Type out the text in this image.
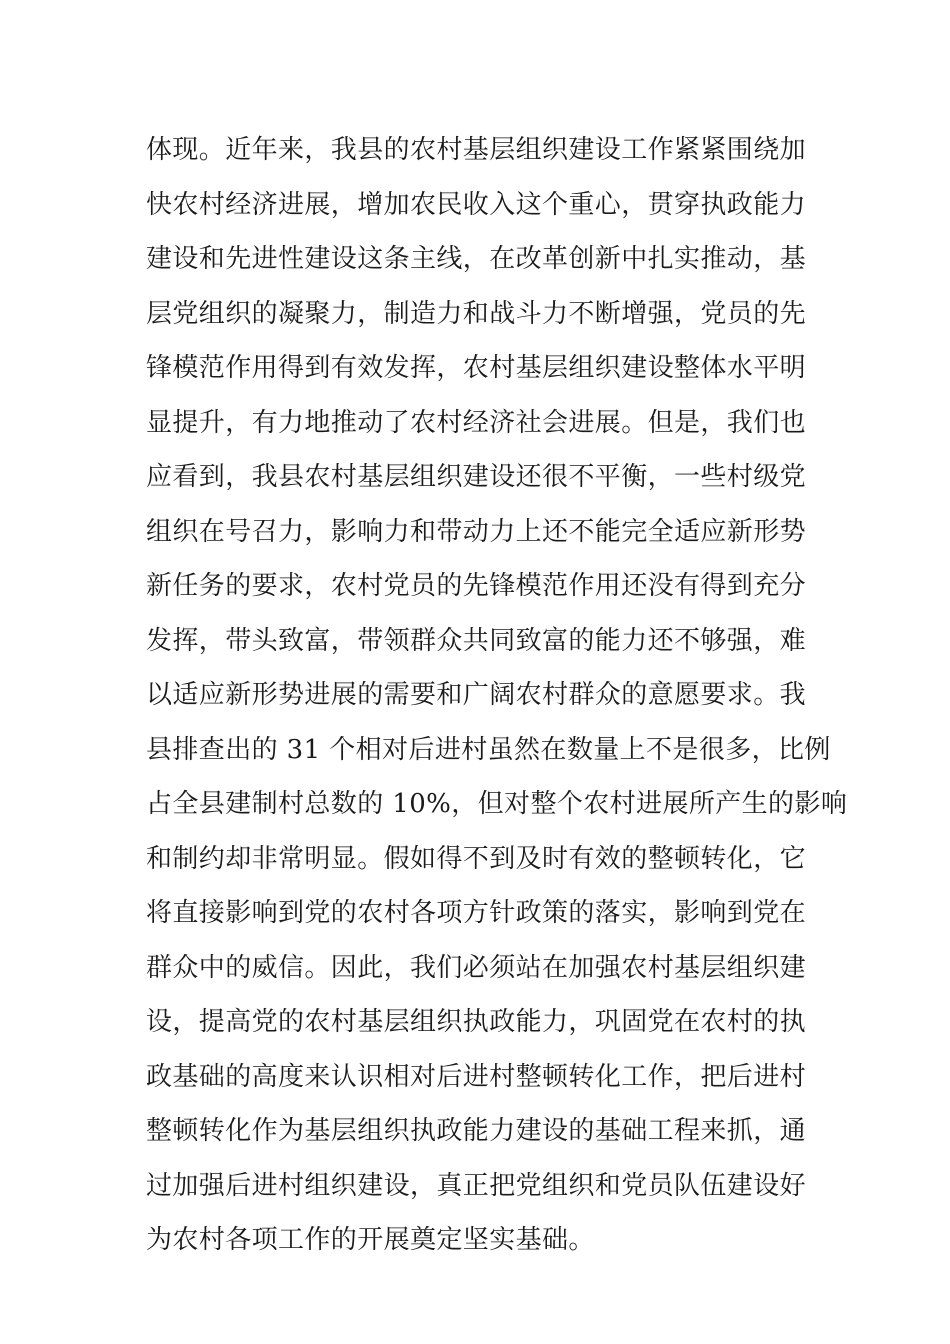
体现。近年来，我县的农村基层组织建设工作紧紧围绕加
快农村经济进展，增加农民收入这个重心，贯穿执政能力
建设和先进性建设这条主线，在改革创新中扎实推动，基
层党组织的凝聚力，制造力和战斗力不断增强，党员的先
锋模范作用得到有效发挥，农村基层组织建设整体水平明
显提升，有力地推动了农村经济社会进展。但是，我们也
应看到，我县农村基层组织建设还很不平衡，一些村级党
组织在号召力，影响力和带动力上还不能完全适应新形势
新任务的要求，农村党员的先锋模范作用还没有得到充分
发挥，带头致富，带领群众共同致富的能力还不够强，难
以适应新形势进展的需要和广阔农村群众的意愿要求。我
县排查出的 31 个相对后进村虽然在数量上不是很多，比例
占全县建制村总数的 10%，但对整个农村进展所产生的影响
和制约却非常明显。假如得不到及时有效的整顿转化，它
将直接影响到党的农村各项方针政策的落实，影响到党在
群众中的威信。因此，我们必须站在加强农村基层组织建
设，提高党的农村基层组织执政能力，巩固党在农村的执
政基础的高度来认识相对后进村整顿转化工作，把后进村
整顿转化作为基层组织执政能力建设的基础工程来抓，通
过加强后进村组织建设，真正把党组织和党员队伍建设好
为农村各项工作的开展奠定坚实基础。
